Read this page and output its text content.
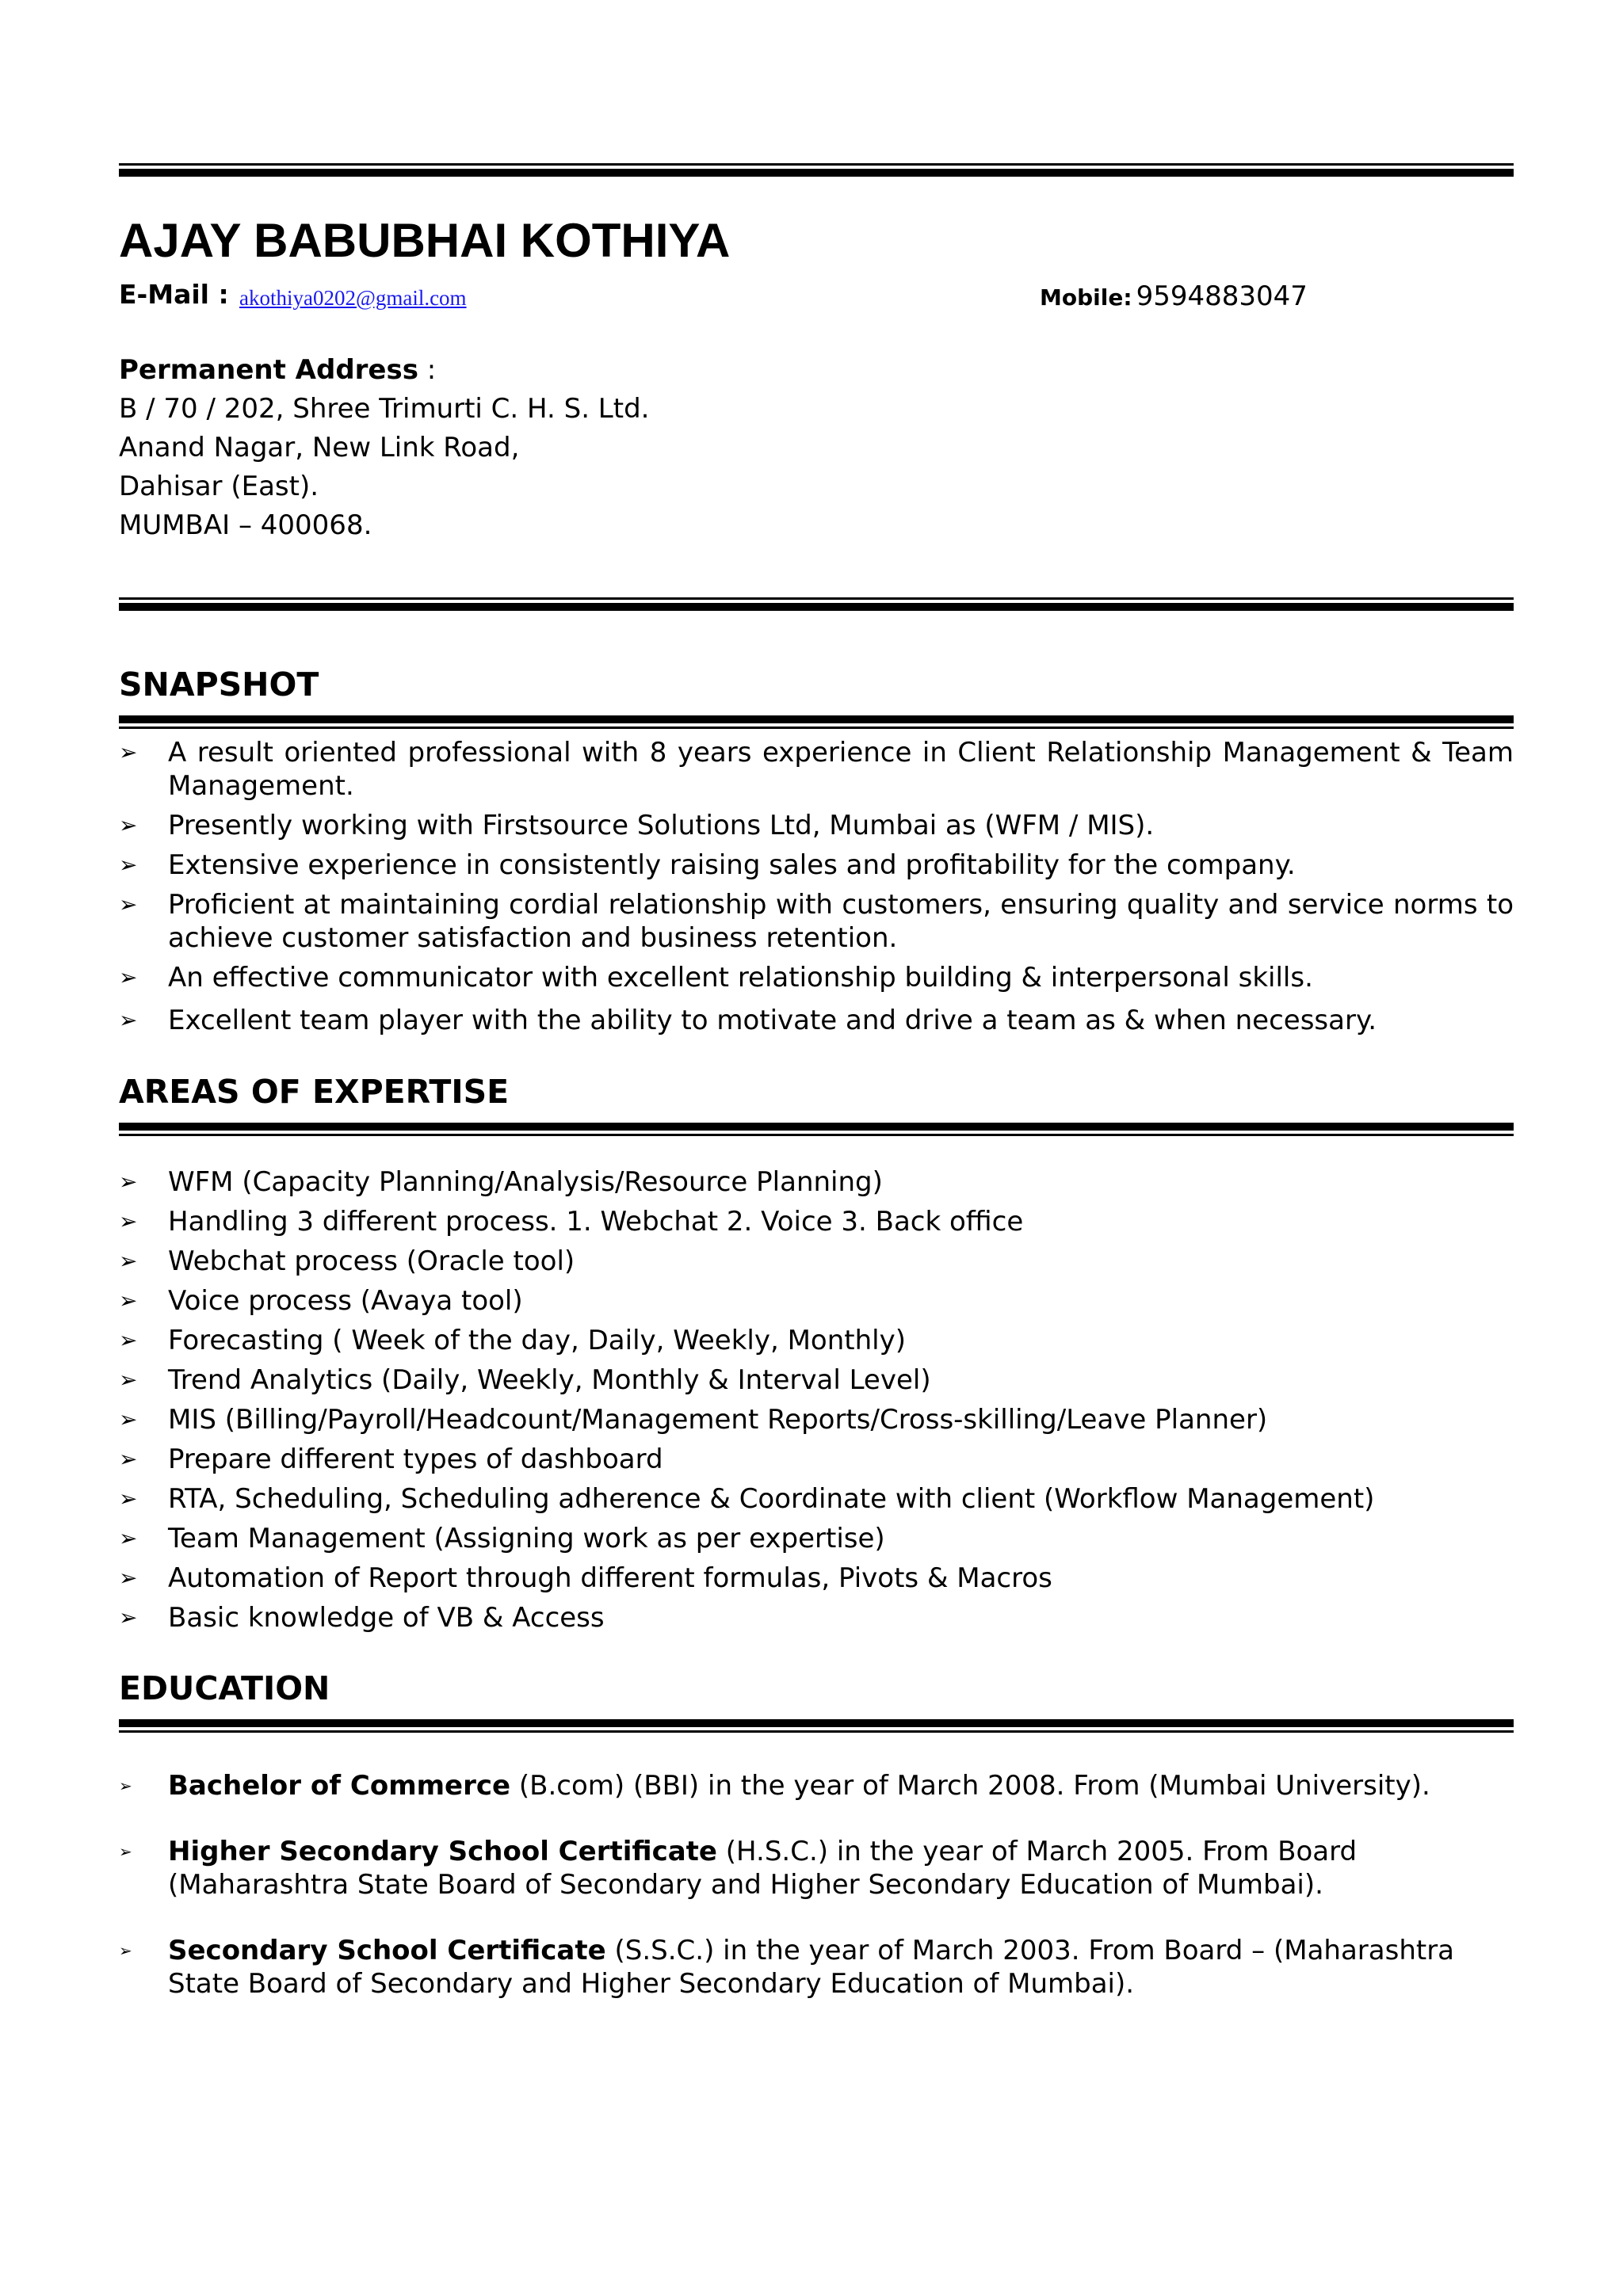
AJAY BABUBHAI KOTHIYA
E-Mail : akothiya0202@gmail.com	Mobile: 9594883047
Permanent Address :
B / 70 / 202, Shree Trimurti C. H. S. Ltd.
Anand Nagar, New Link Road,
Dahisar (East).
MUMBAI – 400068.
SNAPSHOT
➢ A result oriented professional with 8 years experience in Client Relationship Management & Team Management.
➢ Presently working with Firstsource Solutions Ltd, Mumbai as (WFM / MIS).
➢ Extensive experience in consistently raising sales and profitability for the company.
➢ Proficient at maintaining cordial relationship with customers, ensuring quality and service norms to achieve customer satisfaction and business retention.
➢ An effective communicator with excellent relationship building & interpersonal skills.
➢ Excellent team player with the ability to motivate and drive a team as & when necessary.
AREAS OF EXPERTISE
➢ WFM (Capacity Planning/Analysis/Resource Planning)
➢ Handling 3 different process. 1. Webchat 2. Voice 3. Back office
➢ Webchat process (Oracle tool)
➢ Voice process (Avaya tool)
➢ Forecasting ( Week of the day, Daily, Weekly, Monthly)
➢ Trend Analytics (Daily, Weekly, Monthly & Interval Level)
➢ MIS (Billing/Payroll/Headcount/Management Reports/Cross-skilling/Leave Planner)
➢ Prepare different types of dashboard
➢ RTA, Scheduling, Scheduling adherence & Coordinate with client (Workflow Management)
➢ Team Management (Assigning work as per expertise)
➢ Automation of Report through different formulas, Pivots & Macros
➢ Basic knowledge of VB & Access
EDUCATION
➢ Bachelor of Commerce (B.com) (BBI) in the year of March 2008. From (Mumbai University).
➢ Higher Secondary School Certificate (H.S.C.) in the year of March 2005. From Board (Maharashtra State Board of Secondary and Higher Secondary Education of Mumbai).
➢ Secondary School Certificate (S.S.C.) in the year of March 2003. From Board – (Maharashtra State Board of Secondary and Higher Secondary Education of Mumbai).
